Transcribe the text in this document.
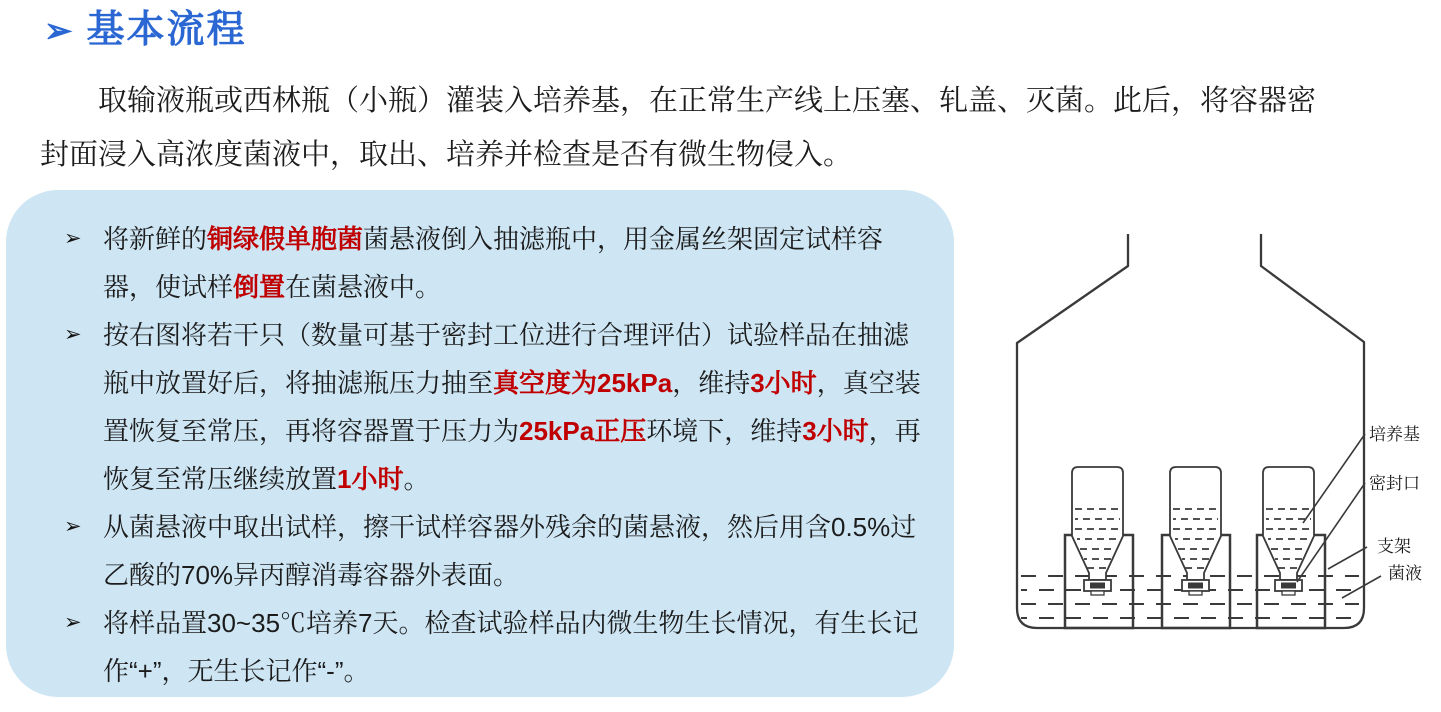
➢ 基本流程

取输液瓶或西林瓶（小瓶）灌装入培养基，在正常生产线上压塞、轧盖、灭菌。此后，将容器密封面浸入高浓度菌液中，取出、培养并检查是否有微生物侵入。

➢ 将新鲜的铜绿假单胞菌菌悬液倒入抽滤瓶中，用金属丝架固定试样容器，使试样倒置在菌悬液中。
➢ 按右图将若干只（数量可基于密封工位进行合理评估）试验样品在抽滤瓶中放置好后，将抽滤瓶压力抽至真空度为25kPa，维持3小时，真空装置恢复至常压，再将容器置于压力为25kPa正压环境下，维持3小时，再恢复至常压继续放置1小时。
➢ 从菌悬液中取出试样，擦干试样容器外残余的菌悬液，然后用含0.5%过乙酸的70%异丙醇消毒容器外表面。
➢ 将样品置30~35℃培养7天。检查试验样品内微生物生长情况，有生长记作“+”，无生长记作“-”。
培养基
密封口
支架
菌液
